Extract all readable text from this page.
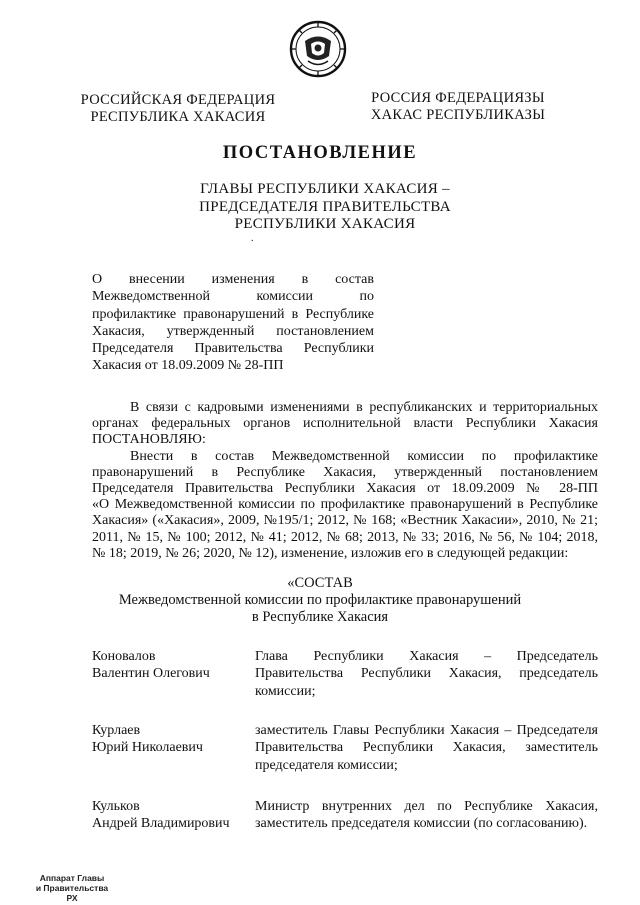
РОССИЙСКАЯ ФЕДЕРАЦИЯ
РЕСПУБЛИКА ХАКАСИЯ
РОССИЯ ФЕДЕРАЦИЯЗЫ
ХАКАС РЕСПУБЛИКАЗЫ
ПОСТАНОВЛЕНИЕ
ГЛАВЫ РЕСПУБЛИКИ ХАКАСИЯ –
ПРЕДСЕДАТЕЛЯ ПРАВИТЕЛЬСТВА
РЕСПУБЛИКИ ХАКАСИЯ
.
О внесении изменения в состав
Межведомственной комиссии по
профилактике правонарушений в Республике
Хакасия, утвержденный постановлением
Председателя Правительства Республики
Хакасия от 18.09.2009 № 28-ПП
В связи с кадровыми изменениями в республиканских и территориальных
органах федеральных органов исполнительной власти Республики Хакасия
ПОСТАНОВЛЯЮ:
Внести в состав Межведомственной комиссии по профилактике
правонарушений в Республике Хакасия, утвержденный постановлением
Председателя Правительства Республики Хакасия от 18.09.2009 № 28-ПП
«О Межведомственной комиссии по профилактике правонарушений в Республике
Хакасия» («Хакасия», 2009, №195/1; 2012, № 168; «Вестник Хакасии», 2010, № 21;
2011, № 15, № 100; 2012, № 41; 2012, № 68; 2013, № 33; 2016, № 56, № 104; 2018,
№ 18; 2019, № 26; 2020, № 12), изменение, изложив его в следующей редакции:
«СОСТАВ
Межведомственной комиссии по профилактике правонарушений
в Республике Хакасия
Коновалов
Валентин Олегович
Глава Республики Хакасия – Председатель
Правительства Республики Хакасия, председатель
комиссии;
Курлаев
Юрий Николаевич
заместитель Главы Республики Хакасия – Председателя
Правительства Республики Хакасия, заместитель
председателя комиссии;
Кульков
Андрей Владимирович
Министр внутренних дел по Республике Хакасия,
заместитель председателя комиссии (по согласованию).
Аппарат Главы
и Правительства РХ
